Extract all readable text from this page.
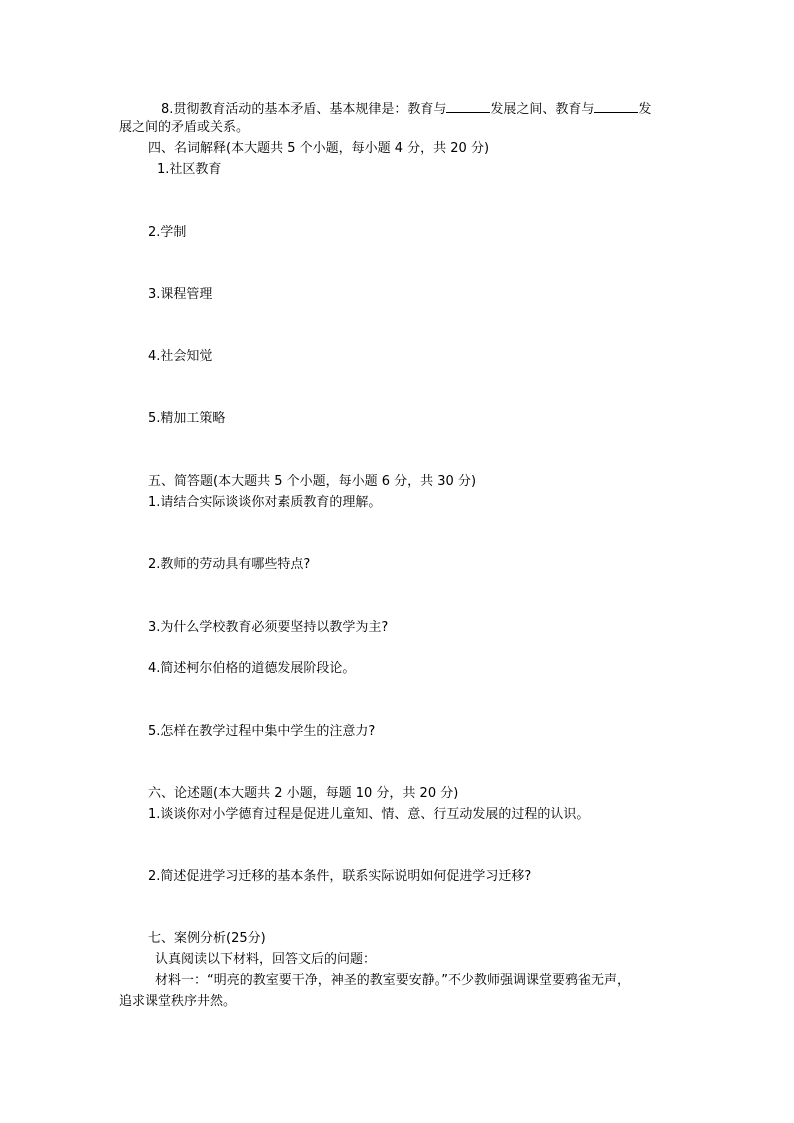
8.贯彻教育活动的基本矛盾、基本规律是：教育与	发展之间、教育与	发
展之间的矛盾或关系。
四、名词解释(本大题共 5 个小题，每小题 4 分，共 20 分)
1.社区教育
2.学制
3.课程管理
4.社会知觉
5.精加工策略
五、简答题(本大题共 5 个小题，每小题 6 分，共 30 分)
1.请结合实际谈谈你对素质教育的理解。
2.教师的劳动具有哪些特点?
3.为什么学校教育必须要坚持以教学为主?
4.简述柯尔伯格的道德发展阶段论。
5.怎样在教学过程中集中学生的注意力?
六、论述题(本大题共 2 小题，每题 10 分，共 20 分)
1.谈谈你对小学德育过程是促进儿童知、情、意、行互动发展的过程的认识。
2.简述促进学习迁移的基本条件，联系实际说明如何促进学习迁移?
七、案例分析(25分)
认真阅读以下材料，回答文后的问题：
材料一：“明亮的教室要干净，神圣的教室要安静。”不少教师强调课堂要鸦雀无声，
追求课堂秩序井然。
